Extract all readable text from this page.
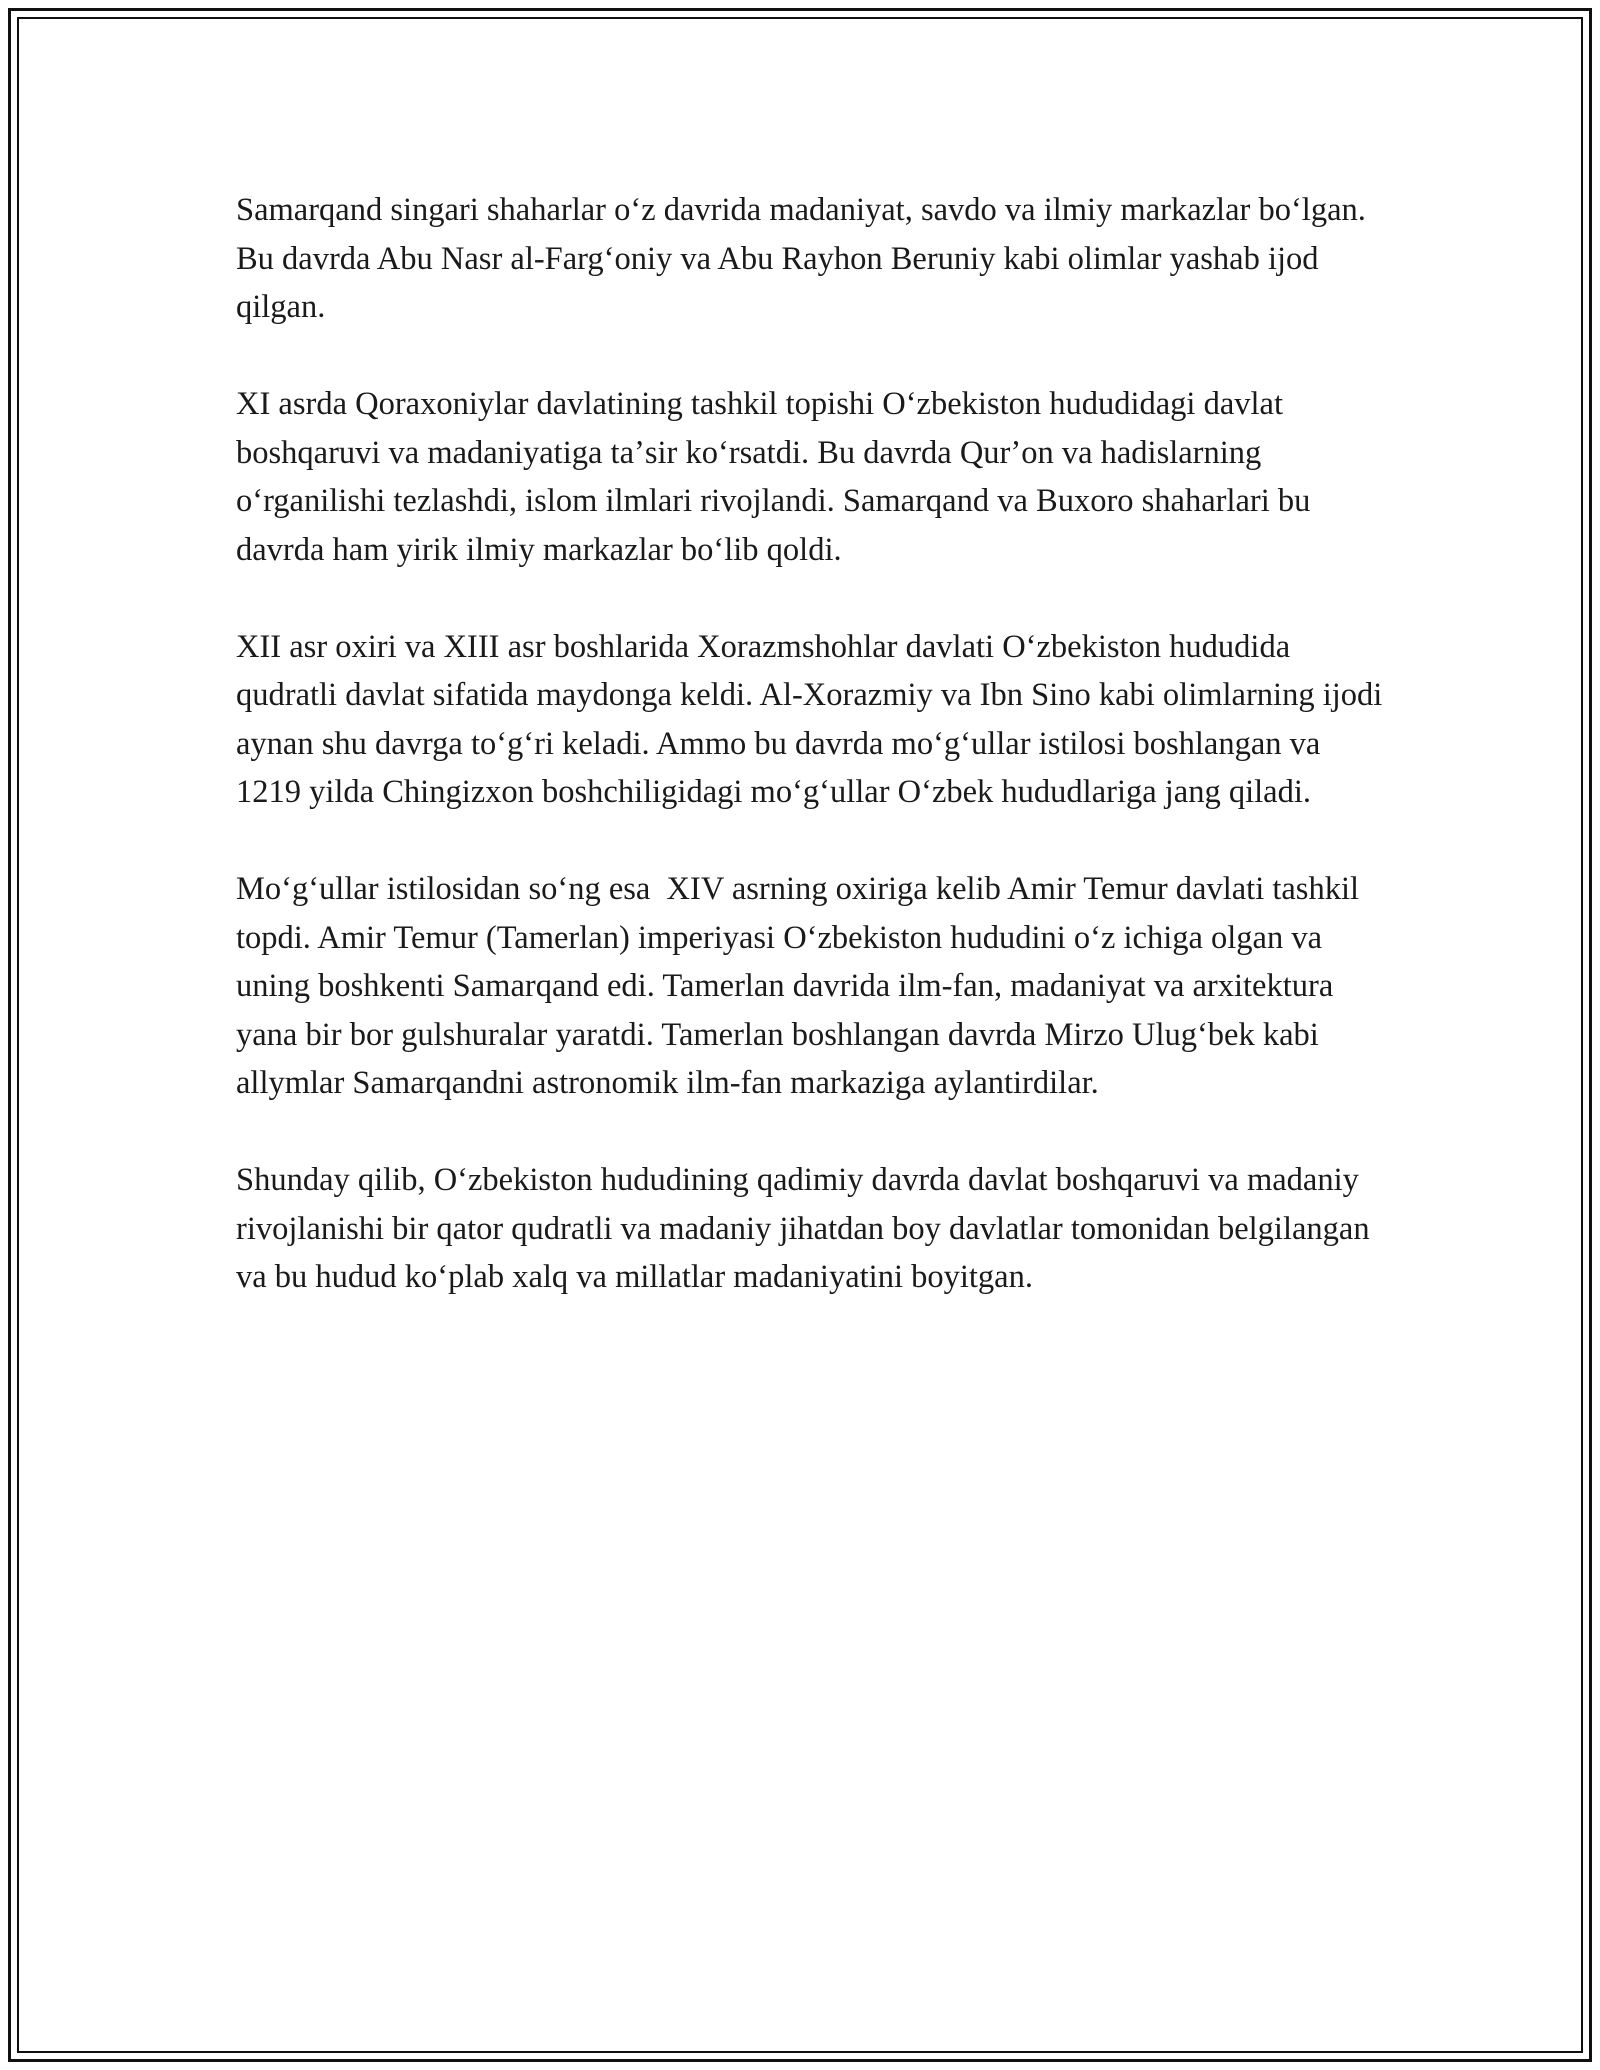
Samarqand singari shaharlar oʻz davrida madaniyat, savdo va ilmiy markazlar boʻlgan. Bu davrda Abu Nasr al-Fargʻoniy va Abu Rayhon Beruniy kabi olimlar yashab ijod qilgan.

XI asrda Qoraxoniylar davlatining tashkil topishi Oʻzbekiston hududidagi davlat boshqaruvi va madaniyatiga taʼsir koʻrsatdi. Bu davrda Qurʼon va hadislarning oʻrganilishi tezlashdi, islom ilmlari rivojlandi. Samarqand va Buxoro shaharlari bu davrda ham yirik ilmiy markazlar boʻlib qoldi.

XII asr oxiri va XIII asr boshlarida Xorazmshohlar davlati Oʻzbekiston hududida qudratli davlat sifatida maydonga keldi. Al-Xorazmiy va Ibn Sino kabi olimlarning ijodi aynan shu davrga toʻgʻri keladi. Ammo bu davrda moʻgʻullar istilosi boshlangan va 1219 yilda Chingizxon boshchiligidagi moʻgʻullar Oʻzbek hududlariga jang qiladi.

Moʻgʻullar istilosidan soʻng esa  XIV asrning oxiriga kelib Amir Temur davlati tashkil topdi. Amir Temur (Tamerlan) imperiyasi Oʻzbekiston hududini oʻz ichiga olgan va uning boshkenti Samarqand edi. Tamerlan davrida ilm-fan, madaniyat va arxitektura yana bir bor gulshuralar yaratdi. Tamerlan boshlangan davrda Mirzo Ulugʻbek kabi allymlar Samarqandni astronomik ilm-fan markaziga aylantirdilar.

Shunday qilib, Oʻzbekiston hududining qadimiy davrda davlat boshqaruvi va madaniy rivojlanishi bir qator qudratli va madaniy jihatdan boy davlatlar tomonidan belgilangan va bu hudud koʻplab xalq va millatlar madaniyatini boyitgan.
